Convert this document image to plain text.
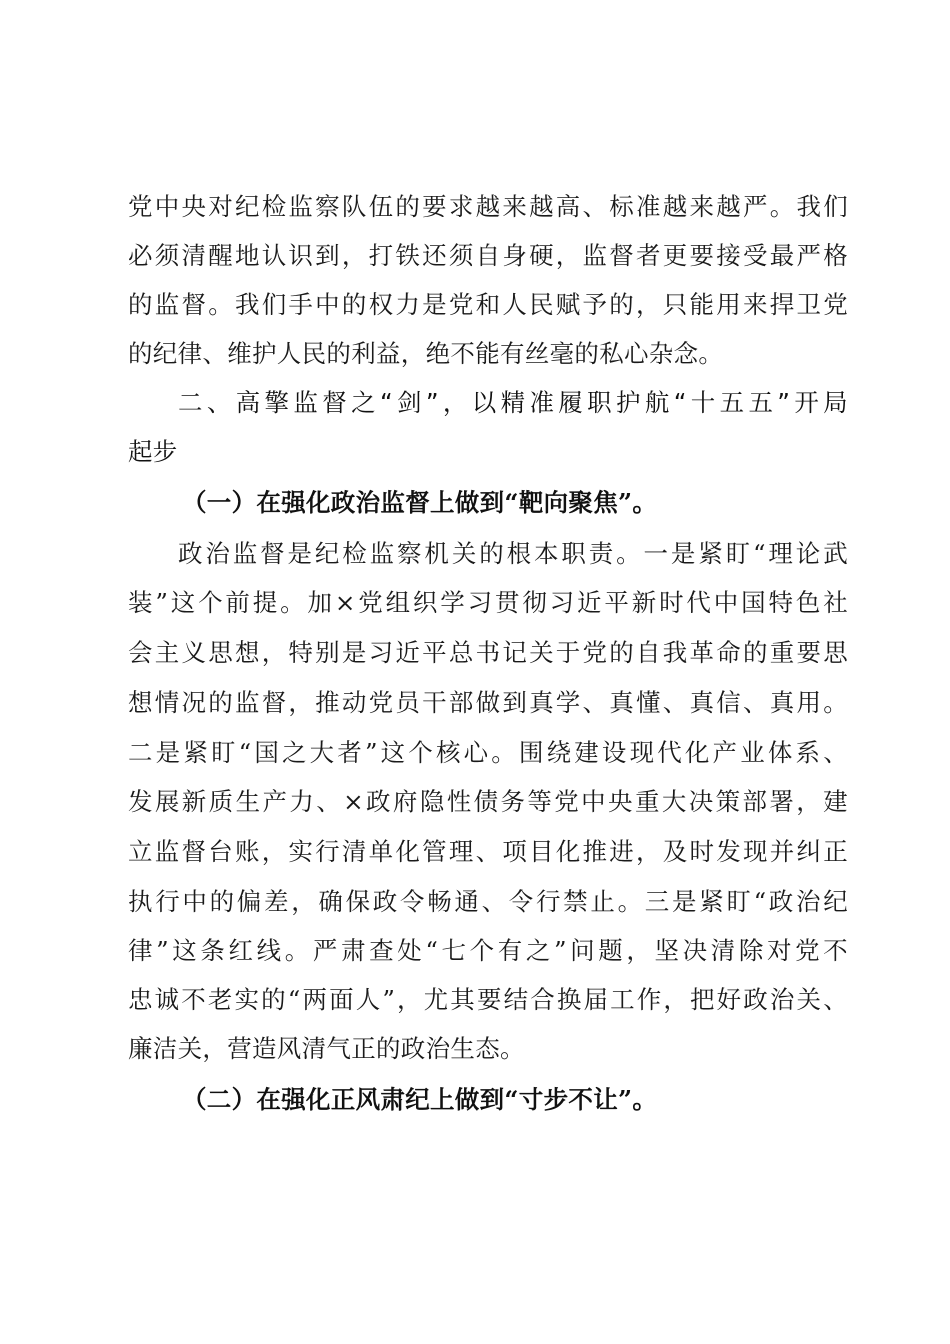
党中央对纪检监察队伍的要求越来越高、标准越来越严。我们
必须清醒地认识到，打铁还须自身硬，监督者更要接受最严格
的监督。我们手中的权力是党和人民赋予的，只能用来捍卫党
的纪律、维护人民的利益，绝不能有丝毫的私心杂念。
二、高擎监督之“剑”，以精准履职护航“十五五”开局
起步
（一）在强化政治监督上做到“靶向聚焦”。
政治监督是纪检监察机关的根本职责。一是紧盯“理论武
装”这个前提。加×党组织学习贯彻习近平新时代中国特色社
会主义思想，特别是习近平总书记关于党的自我革命的重要思
想情况的监督，推动党员干部做到真学、真懂、真信、真用。
二是紧盯“国之大者”这个核心。围绕建设现代化产业体系、
发展新质生产力、×政府隐性债务等党中央重大决策部署，建
立监督台账，实行清单化管理、项目化推进，及时发现并纠正
执行中的偏差，确保政令畅通、令行禁止。三是紧盯“政治纪
律”这条红线。严肃查处“七个有之”问题，坚决清除对党不
忠诚不老实的“两面人”，尤其要结合换届工作，把好政治关、
廉洁关，营造风清气正的政治生态。
（二）在强化正风肃纪上做到“寸步不让”。
